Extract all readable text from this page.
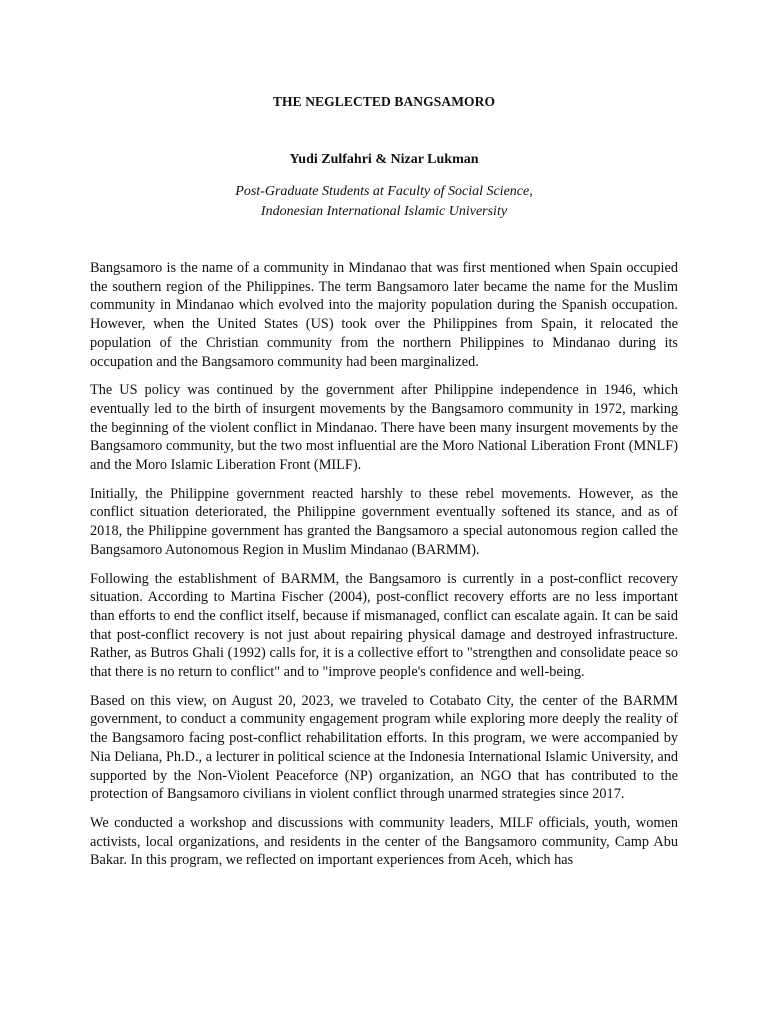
THE NEGLECTED BANGSAMORO
Yudi Zulfahri & Nizar Lukman
Post-Graduate Students at Faculty of Social Science,
Indonesian International Islamic University

Bangsamoro is the name of a community in Mindanao that was first mentioned when Spain occupied the southern region of the Philippines. The term Bangsamoro later became the name for the Muslim community in Mindanao which evolved into the majority population during the Spanish occupation. However, when the United States (US) took over the Philippines from Spain, it relocated the population of the Christian community from the northern Philippines to Mindanao during its occupation and the Bangsamoro community had been marginalized.

The US policy was continued by the government after Philippine independence in 1946, which eventually led to the birth of insurgent movements by the Bangsamoro community in 1972, marking the beginning of the violent conflict in Mindanao. There have been many insurgent movements by the Bangsamoro community, but the two most influential are the Moro National Liberation Front (MNLF) and the Moro Islamic Liberation Front (MILF).

Initially, the Philippine government reacted harshly to these rebel movements. However, as the conflict situation deteriorated, the Philippine government eventually softened its stance, and as of 2018, the Philippine government has granted the Bangsamoro a special autonomous region called the Bangsamoro Autonomous Region in Muslim Mindanao (BARMM).

Following the establishment of BARMM, the Bangsamoro is currently in a post-conflict recovery situation. According to Martina Fischer (2004), post-conflict recovery efforts are no less important than efforts to end the conflict itself, because if mismanaged, conflict can escalate again. It can be said that post-conflict recovery is not just about repairing physical damage and destroyed infrastructure. Rather, as Butros Ghali (1992) calls for, it is a collective effort to "strengthen and consolidate peace so that there is no return to conflict" and to "improve people's confidence and well-being.

Based on this view, on August 20, 2023, we traveled to Cotabato City, the center of the BARMM government, to conduct a community engagement program while exploring more deeply the reality of the Bangsamoro facing post-conflict rehabilitation efforts. In this program, we were accompanied by Nia Deliana, Ph.D., a lecturer in political science at the Indonesia International Islamic University, and supported by the Non-Violent Peaceforce (NP) organization, an NGO that has contributed to the protection of Bangsamoro civilians in violent conflict through unarmed strategies since 2017.

We conducted a workshop and discussions with community leaders, MILF officials, youth, women activists, local organizations, and residents in the center of the Bangsamoro community, Camp Abu Bakar. In this program, we reflected on important experiences from Aceh, which has
